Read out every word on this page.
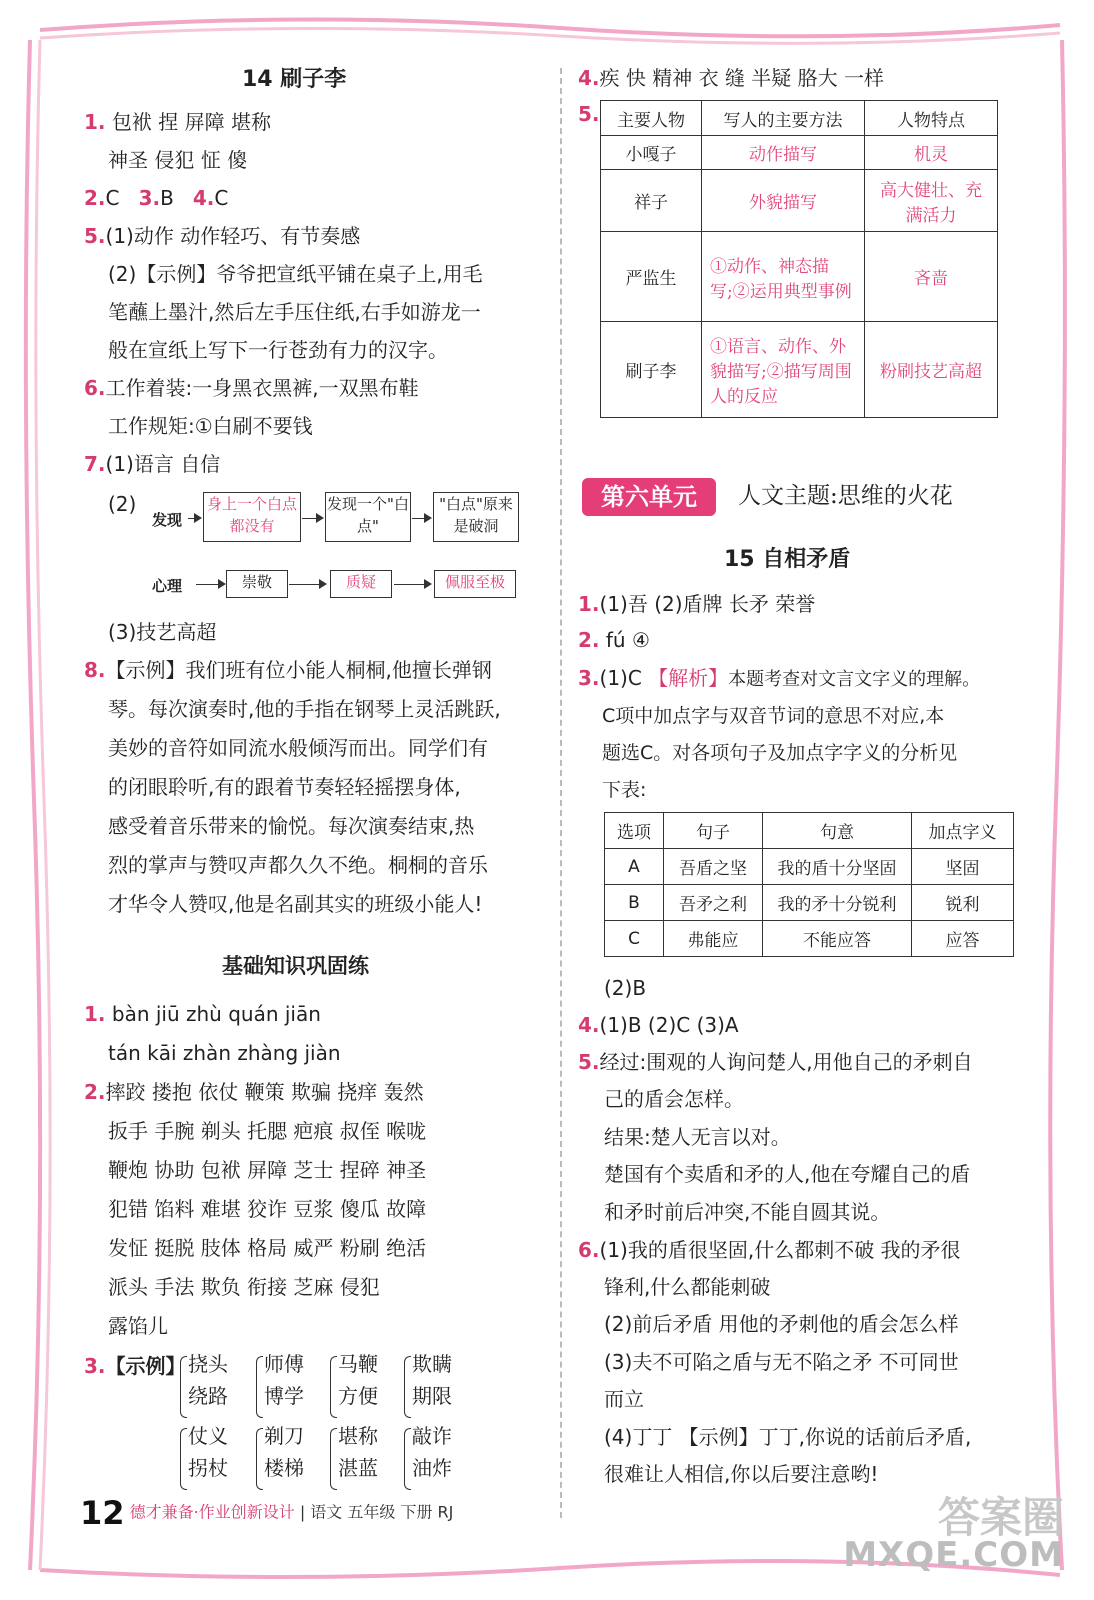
14 刷子李
1. 包袱 捏 屏障 堪称
神圣 侵犯 怔 傻
2.C 3.B 4.C
5.(1)动作 动作轻巧、有节奏感
(2)【示例】爷爷把宣纸平铺在桌子上,用毛
笔蘸上墨汁,然后左手压住纸,右手如游龙一
般在宣纸上写下一行苍劲有力的汉字。
6.工作着装:一身黑衣黑裤,一双黑布鞋
工作规矩:①白刷不要钱
7.(1)语言 自信
(2)
发现
心理
身上一个白点都没有
发现一个"白点"
"白点"原来是破洞
崇敬	质疑	佩服至极
(3)技艺高超
8.【示例】我们班有位小能人桐桐,他擅长弹钢
琴。每次演奏时,他的手指在钢琴上灵活跳跃,
美妙的音符如同流水般倾泻而出。同学们有
的闭眼聆听,有的跟着节奏轻轻摇摆身体,
感受着音乐带来的愉悦。每次演奏结束,热
烈的掌声与赞叹声都久久不绝。桐桐的音乐
才华令人赞叹,他是名副其实的班级小能人!
基础知识巩固练
1. bàn jiū zhù quán jiān
tán kāi zhàn zhàng jiàn
2.摔跤 搂抱 依仗 鞭策 欺骗 挠痒 轰然
扳手 手腕 剃头 托腮 疤痕 叔侄 喉咙
鞭炮 协助 包袱 屏障 芝士 捏碎 神圣
犯错 馅料 难堪 狡诈 豆浆 傻瓜 故障
发怔 挺脱 肢体 格局 威严 粉刷 绝活
派头 手法 欺负 衔接 芝麻 侵犯
露馅儿
3.【示例】 挠头
绕路
师傅
博学
马鞭
方便
欺瞒
期限
仗义
拐杖
剃刀
楼梯
堪称
湛蓝
敲诈
油炸
4.疾 快 精神 衣 缝 半疑 胳大 一样
5. 主要人物	写人的主要方法	人物特点
小嘎子	动作描写	机灵
祥子	外貌描写	高大健壮、充满活力
严监生	①动作、神态描写;②运用典型事例	吝啬
刷子李	①语言、动作、外貌描写;②描写周围人的反应	粉刷技艺高超
第六单元	人文主题:思维的火花
15 自相矛盾
1.(1)吾 (2)盾牌 长矛 荣誉
2. fú ④
3.(1)C 【解析】本题考查对文言文字义的理解。
C项中加点字与双音节词的意思不对应,本
题选C。对各项句子及加点字字义的分析见
下表:
选项	句子	句意	加点字义
A	吾盾之坚	我的盾十分坚固	坚固
B	吾矛之利	我的矛十分锐利	锐利
C	弗能应	不能应答	应答
(2)B
4.(1)B (2)C (3)A
5.经过:围观的人询问楚人,用他自己的矛刺自
己的盾会怎样。
结果:楚人无言以对。
楚国有个卖盾和矛的人,他在夸耀自己的盾
和矛时前后冲突,不能自圆其说。
6.(1)我的盾很坚固,什么都刺不破 我的矛很
锋利,什么都能刺破
(2)前后矛盾 用他的矛刺他的盾会怎么样
(3)夫不可陷之盾与无不陷之矛 不可同世
而立
(4)丁丁 【示例】丁丁,你说的话前后矛盾,
很难让人相信,你以后要注意哟!
12 德才兼备·作业创新设计 | 语文 五年级 下册 RJ	答案圈
MXQE.COM
